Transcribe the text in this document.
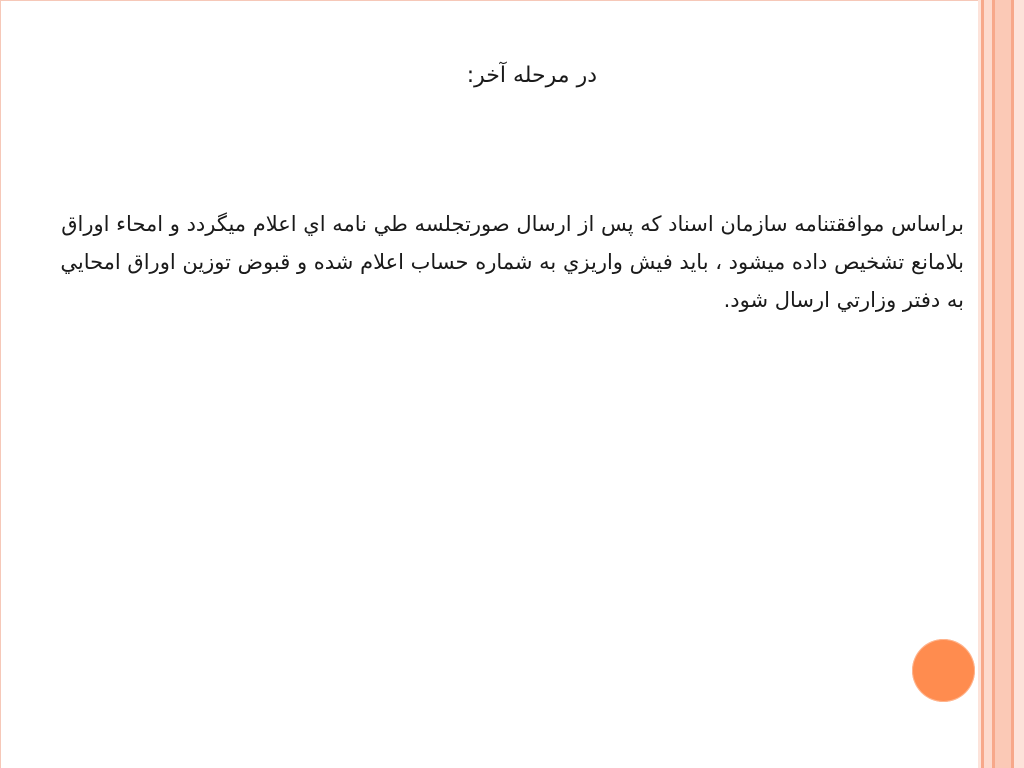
در مرحله آخر:

براساس موافقتنامه سازمان اسناد كه پس از ارسال صورتجلسه طي نامه اي اعلام ميگردد و امحاء اوراق بلامانع تشخيص داده ميشود ، بايد فيش واريزي به شماره حساب اعلام شده و قبوض توزين اوراق امحايي به دفتر وزارتي ارسال شود.
